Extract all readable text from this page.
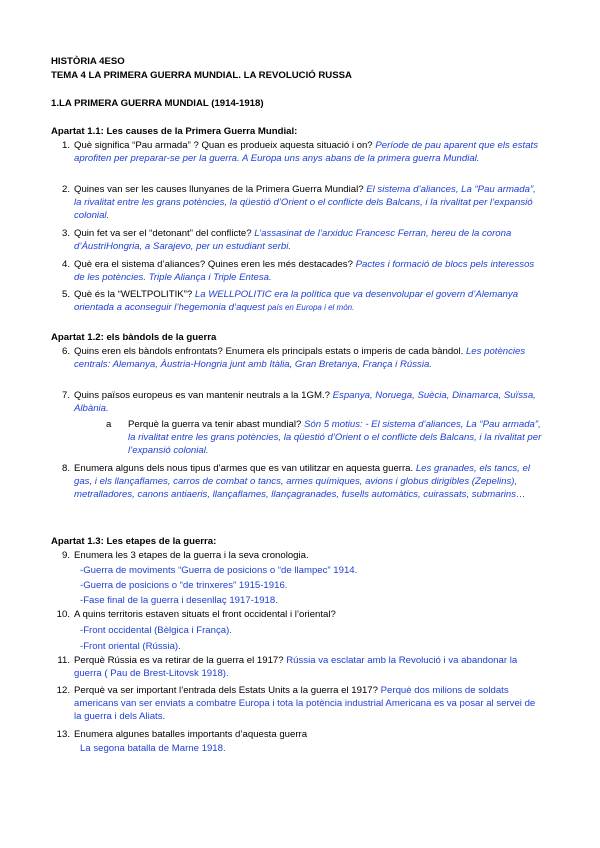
HISTÒRIA 4ESO
TEMA 4 LA PRIMERA GUERRA MUNDIAL. LA REVOLUCIÓ RUSSA
1.LA PRIMERA GUERRA MUNDIAL (1914-1918)
Apartat 1.1: Les causes de la Primera Guerra Mundial:
1. Què significa “Pau armada” ? Quan es produeix aquesta situació i on? Període de pau aparent que els estats aprofiten per preparar-se per la guerra. A Europa uns anys abans de la primera guerra Mundial.
2. Quines van ser les causes llunyanes de la Primera Guerra Mundial? El sistema d’aliances, La “Pau armada”, la rivalitat entre les grans potències, la qüestió d’Orient o el conflicte dels Balcans, i la rivalitat per l’expansió colonial.
3. Quin fet va ser el “detonant” del conflicte? L’assasinat de l’arxiduc Francesc Ferran, hereu de la corona d’ÀustriHongria, a Sarajevo, per un estudiant serbi.
4. Què era el sistema d’aliances? Quines eren les més destacades? Pactes i formació de blocs pels interessos de les potències. Triple Aliança i Triple Entesa.
5. Què és la “WELTPOLITIK”? La WELLPOLITIC era la política que va desenvolupar el govern d’Alemanya orientada a aconseguir l’hegemonia d’aquest país en Europa i el món.
Apartat 1.2: els bàndols de la guerra
6. Quins eren els bàndols enfrontats? Enumera els principals estats o imperis de cada bàndol. Les potències centrals: Alemanya, Àustria-Hongria junt amb Itàlia, Gran Bretanya, França i Rússia.
7. Quins països europeus es van mantenir neutrals a la 1GM.? Espanya, Noruega, Suècia, Dinamarca, Suïssa, Albània.
a	Perquè la guerra va tenir abast mundial? Són 5 motius: - El sistema d’aliances, La “Pau armada”, la rivalitat entre les grans potències, la qüestió d’Orient o el conflicte dels Balcans, i la rivalitat per l’expansió colonial.
8. Enumera alguns dels nous tipus d’armes que es van utilitzar en aquesta guerra. Les granades, els tancs, el gas, i els llançaflames, carros de combat o tancs, armes químiques, avions i globus dirigibles (Zepelins), metralladores, canons antiaeris, llançaflames, llançagranades, fusells automàtics, cuirassats, submarins…
Apartat 1.3: Les etapes de la guerra:
9. Enumera les 3 etapes de la guerra i la seva cronologia.
-Guerra de moviments “Guerra de posicions o “de llampec” 1914.
-Guerra de posicions o “de trinxeres” 1915-1916.
-Fase final de la guerra i desenllaç 1917-1918.
10. A quins territoris estaven situats el front occidental i l’oriental?
-Front occidental (Bèlgica i França).
-Front oriental (Rússia).
11. Perquè Rússia es va retirar de la guerra el 1917? Rússia va esclatar amb la Revolució i va abandonar la guerra ( Pau de Brest-Litovsk 1918).
12. Perquè va ser important l’entrada dels Estats Units a la guerra el 1917? Perquè dos milions de soldats americans van ser enviats a combatre Europa i tota la potència industrial Americana es va posar al servei de la guerra i dels Aliats.
13. Enumera algunes batalles importants d’aquesta guerra
La segona batalla de Marne 1918.
